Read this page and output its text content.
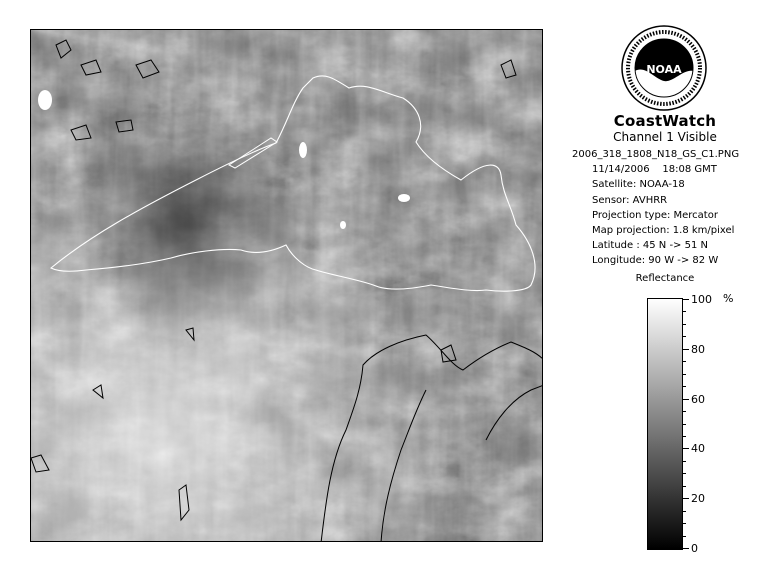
NOAA
CoastWatch
Channel 1 Visible
2006_318_1808_N18_GS_C1.PNG
11/14/2006 18:08 GMT
Satellite: NOAA-18
Sensor: AVHRR
Projection type: Mercator
Map projection: 1.8 km/pixel
Latitude : 45 N -> 51 N
Longitude: 90 W -> 82 W
Reflectance
%
100
80
60
40
20
0
